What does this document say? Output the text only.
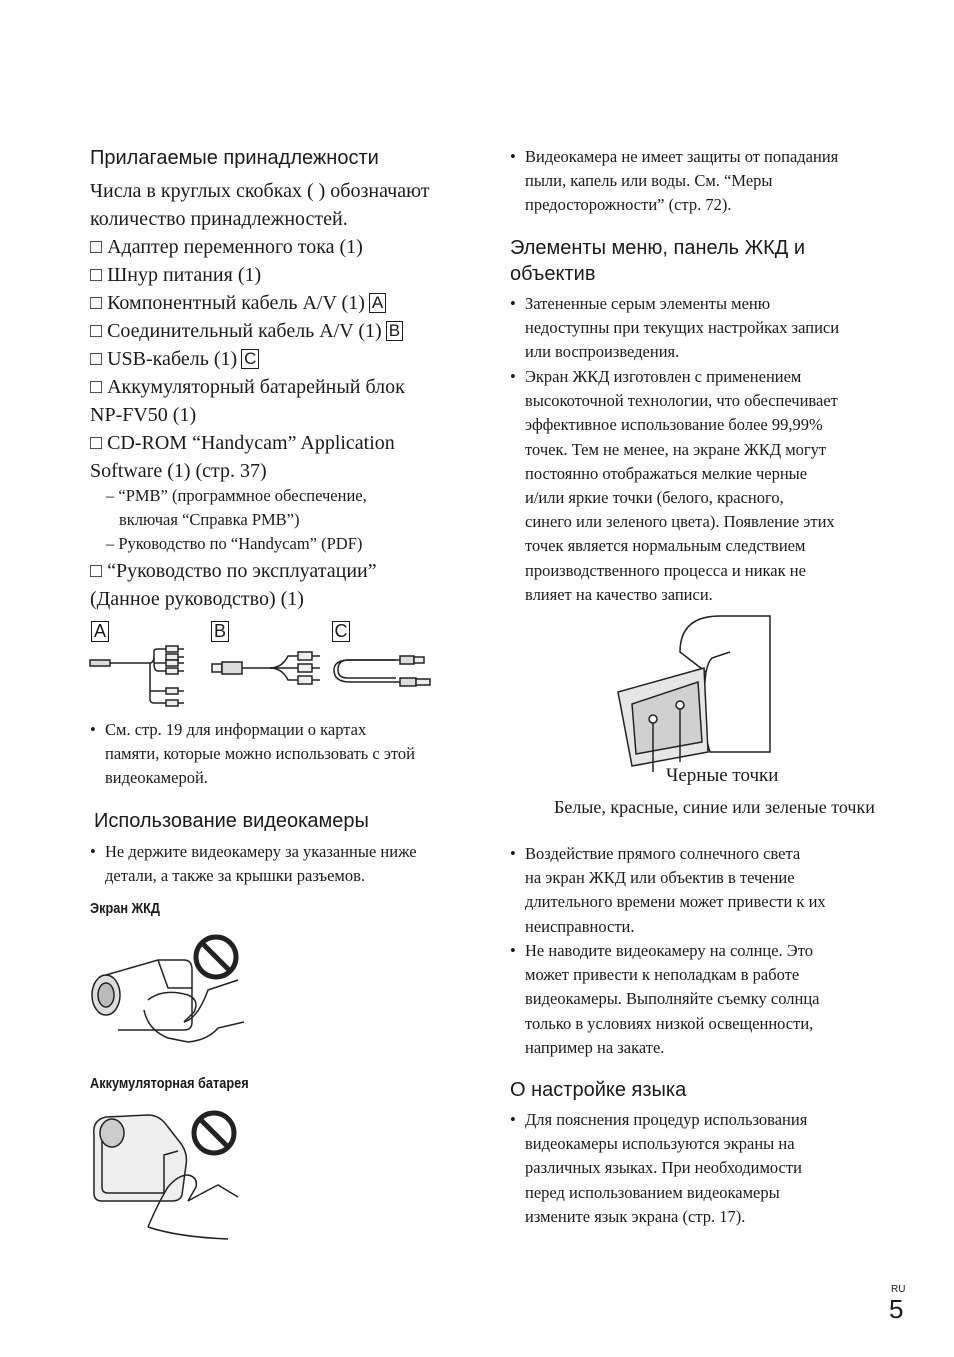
Прилагаемые принадлежности
Числа в круглых скобках ( ) обозначают
количество принадлежностей.
□ Адаптер переменного тока (1)
□ Шнур питания (1)
□ Компонентный кабель A/V (1) A
□ Соединительный кабель A/V (1) B
□ USB-кабель (1) C
□ Аккумуляторный батарейный блок
NP-FV50 (1)
□ CD-ROM “Handycam” Application
Software (1) (стр. 37)
– “PMB” (программное обеспечение,
включая “Справка PMB”)
– Руководство по “Handycam” (PDF)
□ “Руководство по эксплуатации”
(Данное руководство) (1)
A	B	C
• См. стр. 19 для информации о картах
памяти, которые можно использовать с этой
видеокамерой.
Использование видеокамеры
• Не держите видеокамеру за указанные ниже
детали, а также за крышки разъемов.
Экран ЖКД
Аккумуляторная батарея
• Видеокамера не имеет защиты от попадания
пыли, капель или воды. См. “Меры
предосторожности” (стр. 72).
Элементы меню, панель ЖКД и
объектив
• Затененные серым элементы меню
недоступны при текущих настройках записи
или воспроизведения.
• Экран ЖКД изготовлен с применением
высокоточной технологии, что обеспечивает
эффективное использование более 99,99%
точек. Тем не менее, на экране ЖКД могут
постоянно отображаться мелкие черные
и/или яркие точки (белого, красного,
синего или зеленого цвета). Появление этих
точек является нормальным следствием
производственного процесса и никак не
влияет на качество записи.
Черные точки
Белые, красные, синие или зеленые точки
• Воздействие прямого солнечного света
на экран ЖКД или объектив в течение
длительного времени может привести к их
неисправности.
• Не наводите видеокамеру на солнце. Это
может привести к неполадкам в работе
видеокамеры. Выполняйте съемку солнца
только в условиях низкой освещенности,
например на закате.
О настройке языка
• Для пояснения процедур использования
видеокамеры используются экраны на
различных языках. При необходимости
перед использованием видеокамеры
измените язык экрана (стр. 17).
RU
5
